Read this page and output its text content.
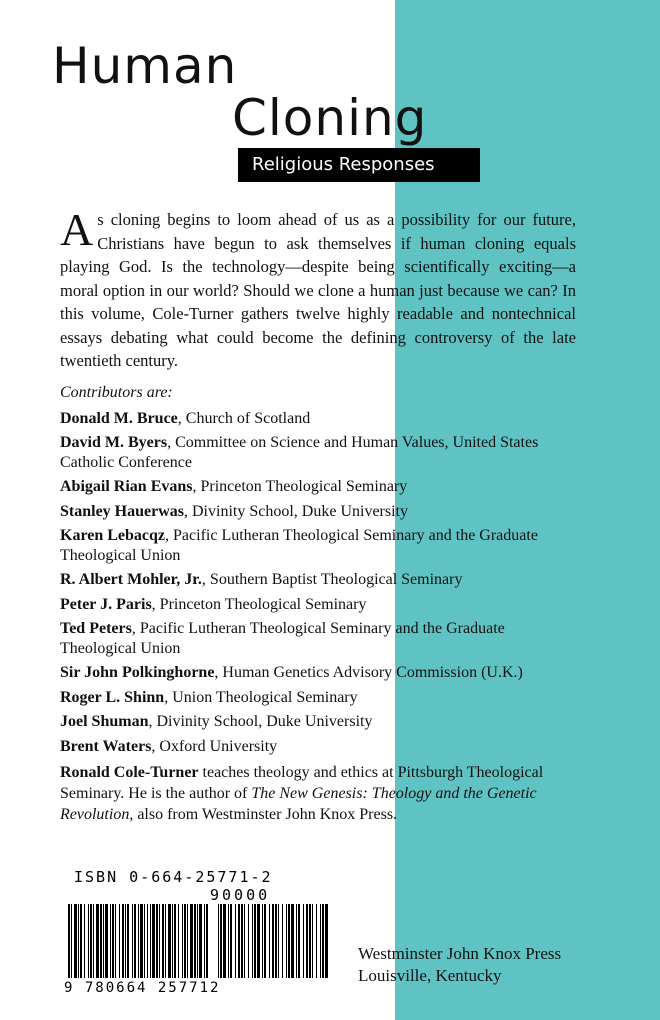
Human
Cloning
Religious Responses

As cloning begins to loom ahead of us as a possibility for our future, Christians have begun to ask themselves if human cloning equals playing God. Is the technology—despite being scientifically exciting—a moral option in our world? Should we clone a human just because we can? In this volume, Cole-Turner gathers twelve highly readable and nontechnical essays debating what could become the defining controversy of the late twentieth century.

Contributors are:

Donald M. Bruce, Church of Scotland

David M. Byers, Committee on Science and Human Values, United States Catholic Conference

Abigail Rian Evans, Princeton Theological Seminary

Stanley Hauerwas, Divinity School, Duke University

Karen Lebacqz, Pacific Lutheran Theological Seminary and the Graduate Theological Union

R. Albert Mohler, Jr., Southern Baptist Theological Seminary

Peter J. Paris, Princeton Theological Seminary

Ted Peters, Pacific Lutheran Theological Seminary and the Graduate Theological Union

Sir John Polkinghorne, Human Genetics Advisory Commission (U.K.)

Roger L. Shinn, Union Theological Seminary

Joel Shuman, Divinity School, Duke University

Brent Waters, Oxford University

Ronald Cole-Turner teaches theology and ethics at Pittsburgh Theological Seminary. He is the author of The New Genesis: Theology and the Genetic Revolution, also from Westminster John Knox Press.

ISBN 0-664-25771-2
90000
9 780664 257712
Westminster John Knox Press
Louisville, Kentucky
